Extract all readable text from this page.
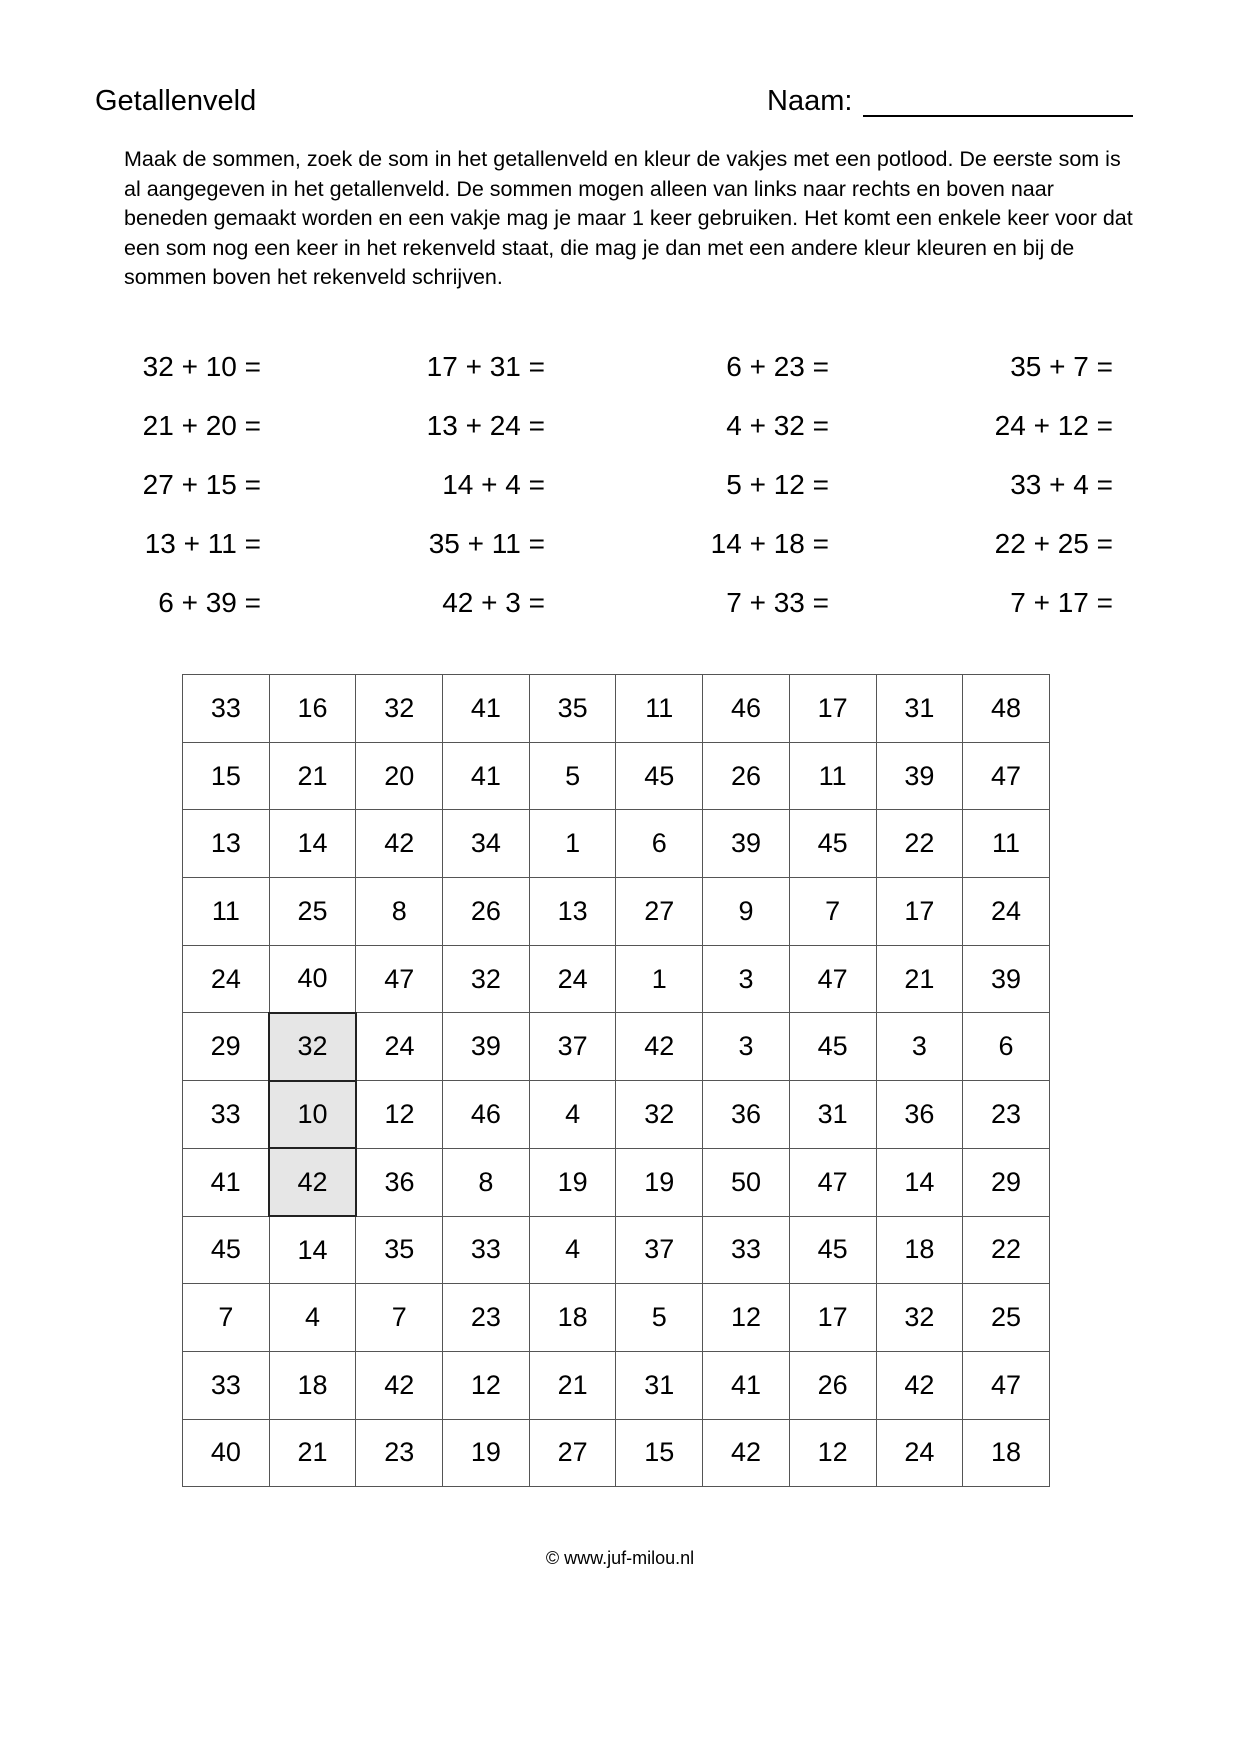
Getallenveld	Naam:

Maak de sommen, zoek de som in het getallenveld en kleur de vakjes met een potlood. De eerste som is al aangegeven in het getallenveld. De sommen mogen alleen van links naar rechts en boven naar beneden gemaakt worden en een vakje mag je maar 1 keer gebruiken. Het komt een enkele keer voor dat een som nog een keer in het rekenveld staat, die mag je dan met een andere kleur kleuren en bij de sommen boven het rekenveld schrijven.

32 + 10 =	17 + 31 =	6 + 23 =	35 + 7 =
21 + 20 =	13 + 24 =	4 + 32 =	24 + 12 =
27 + 15 =	14 + 4 =	5 + 12 =	33 + 4 =
13 + 11 =	35 + 11 =	14 + 18 =	22 + 25 =
6 + 39 =	42 + 3 =	7 + 33 =	7 + 17 =
33	16	32	41	35	11	46	17	31	48
15	21	20	41	5	45	26	11	39	47
13	14	42	34	1	6	39	45	22	11
11	25	8	26	13	27	9	7	17	24
24	40	47	32	24	1	3	47	21	39
29	32	24	39	37	42	3	45	3	6
33	10	12	46	4	32	36	31	36	23
41	42	36	8	19	19	50	47	14	29
45	14	35	33	4	37	33	45	18	22
7	4	7	23	18	5	12	17	32	25
33	18	42	12	21	31	41	26	42	47
40	21	23	19	27	15	42	12	24	18
© www.juf-milou.nl
